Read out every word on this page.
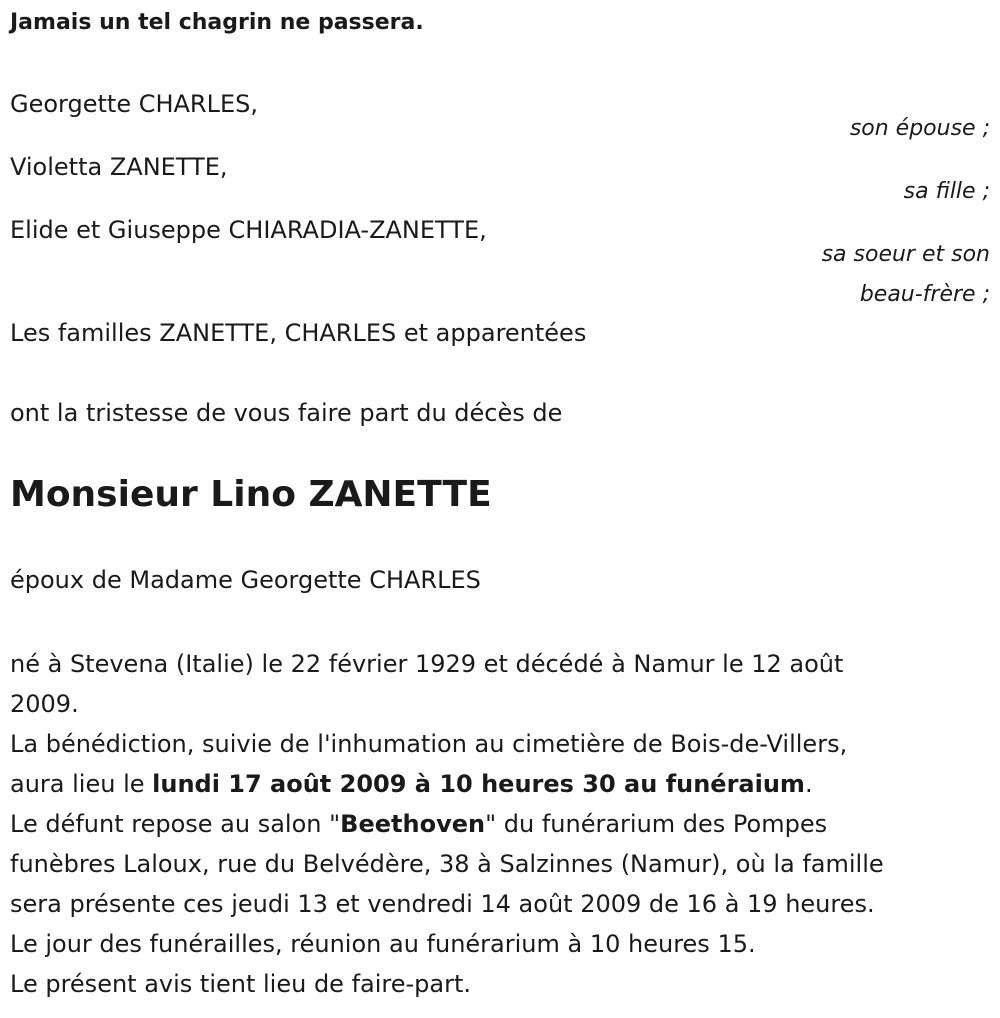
Jamais un tel chagrin ne passera.
Georgette CHARLES,
son épouse ;
Violetta ZANETTE,
sa fille ;
Elide et Giuseppe CHIARADIA-ZANETTE,
sa soeur et son
beau-frère ;
Les familles ZANETTE, CHARLES et apparentées
ont la tristesse de vous faire part du décès de
Monsieur Lino ZANETTE
époux de Madame Georgette CHARLES

né à Stevena (Italie) le 22 février 1929 et décédé à Namur le 12 août

2009.

La bénédiction, suivie de l'inhumation au cimetière de Bois-de-Villers,

aura lieu le lundi 17 août 2009 à 10 heures 30 au funéraium.

Le défunt repose au salon "Beethoven" du funérarium des Pompes

funèbres Laloux, rue du Belvédère, 38 à Salzinnes (Namur), où la famille

sera présente ces jeudi 13 et vendredi 14 août 2009 de 16 à 19 heures.

Le jour des funérailles, réunion au funérarium à 10 heures 15.

Le présent avis tient lieu de faire-part.
